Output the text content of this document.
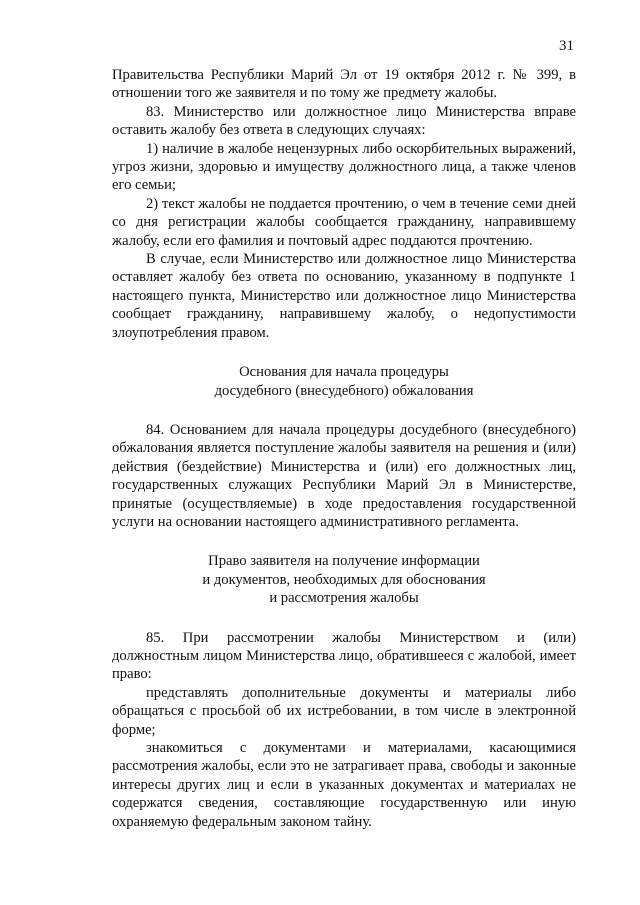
31

Правительства Республики Марий Эл от 19 октября 2012 г. № 399, в отношении того же заявителя и по тому же предмету жалобы.

83. Министерство или должностное лицо Министерства вправе оставить жалобу без ответа в следующих случаях:

1) наличие в жалобе нецензурных либо оскорбительных выражений, угроз жизни, здоровью и имуществу должностного лица, а также членов его семьи;

2) текст жалобы не поддается прочтению, о чем в течение семи дней со дня регистрации жалобы сообщается гражданину, направившему жалобу, если его фамилия и почтовый адрес поддаются прочтению.

В случае, если Министерство или должностное лицо Министерства оставляет жалобу без ответа по основанию, указанному в подпункте 1 настоящего пункта, Министерство или должностное лицо Министерства сообщает гражданину, направившему жалобу, о недопустимости злоупотребления правом.

Основания для начала процедуры
досудебного (внесудебного) обжалования

84. Основанием для начала процедуры досудебного (внесудебного) обжалования является поступление жалобы заявителя на решения и (или) действия (бездействие) Министерства и (или) его должностных лиц, государственных служащих Республики Марий Эл в Министерстве, принятые (осуществляемые) в ходе предоставления государственной услуги на основании настоящего административного регламента.

Право заявителя на получение информации
и документов, необходимых для обоснования
и рассмотрения жалобы

85. При рассмотрении жалобы Министерством и (или) должностным лицом Министерства лицо, обратившееся с жалобой, имеет право:

представлять дополнительные документы и материалы либо обращаться с просьбой об их истребовании, в том числе в электронной форме;

знакомиться с документами и материалами, касающимися рассмотрения жалобы, если это не затрагивает права, свободы и законные интересы других лиц и если в указанных документах и материалах не содержатся сведения, составляющие государственную или иную охраняемую федеральным законом тайну.
